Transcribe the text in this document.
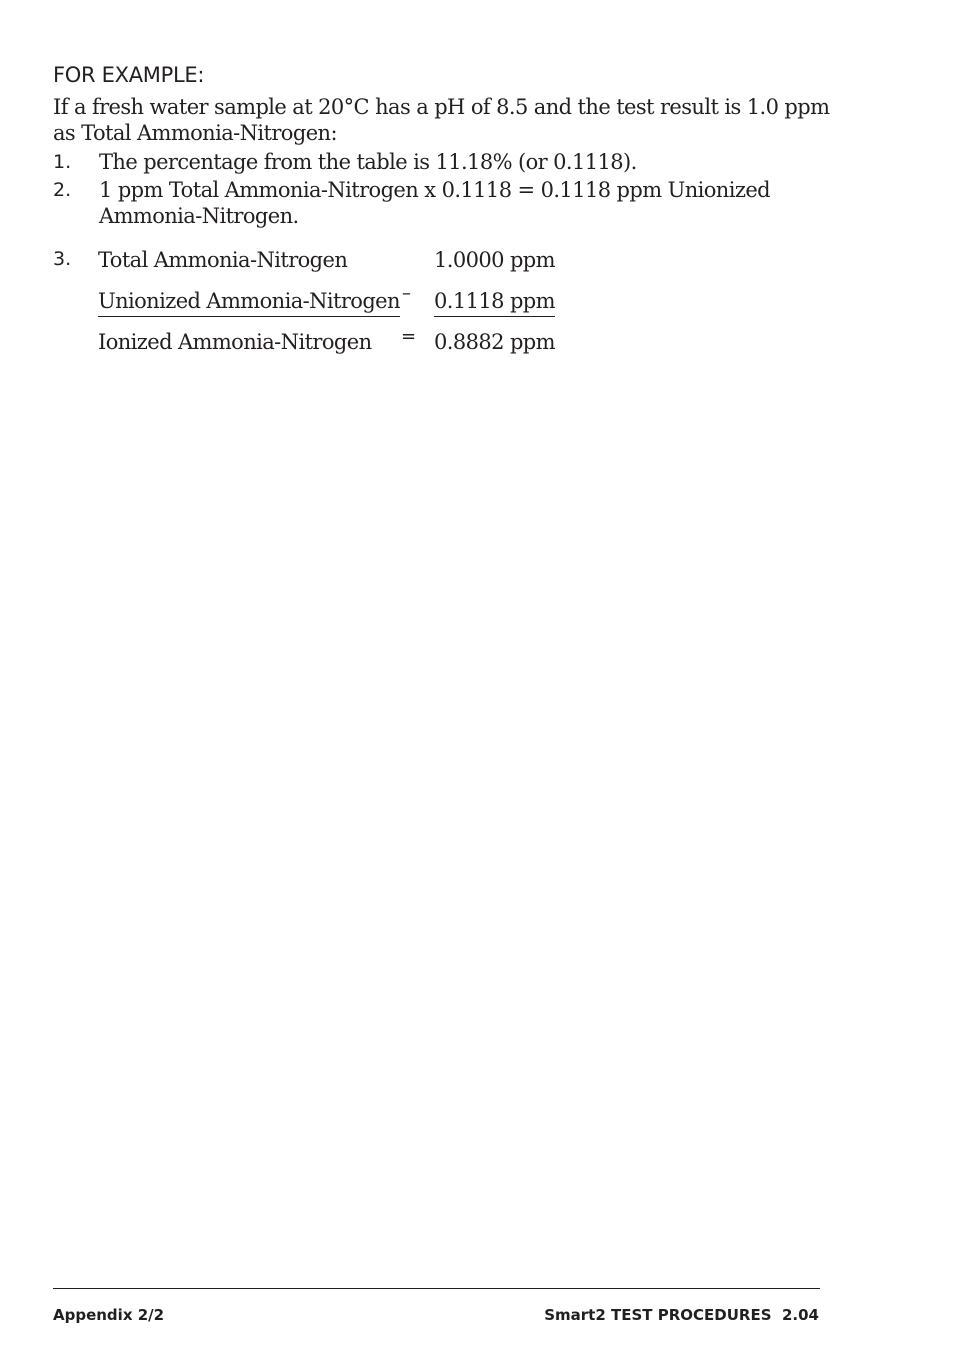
FOR EXAMPLE:
If a fresh water sample at 20°C has a pH of 8.5 and the test result is 1.0 ppm as Total Ammonia-Nitrogen:
1. The percentage from the table is 11.18% (or 0.1118).
2. 1 ppm Total Ammonia-Nitrogen x 0.1118 = 0.1118 ppm Unionized Ammonia-Nitrogen.
3. Total Ammonia-Nitrogen	1.0000 ppm
Unionized Ammonia-Nitrogen – 0.1118 ppm
Ionized Ammonia-Nitrogen = 0.8882 ppm
Appendix 2/2	Smart2 TEST PROCEDURES  2.04
